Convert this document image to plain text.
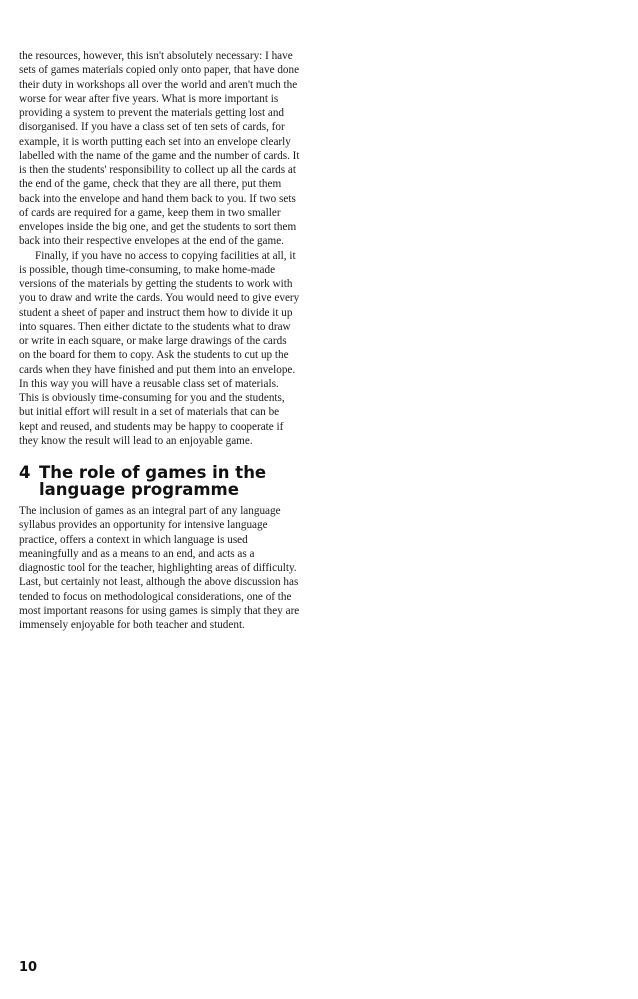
the resources, however, this isn't absolutely necessary: I have sets of games materials copied only onto paper, that have done their duty in workshops all over the world and aren't much the worse for wear after five years. What is more important is providing a system to prevent the materials getting lost and disorganised. If you have a class set of ten sets of cards, for example, it is worth putting each set into an envelope clearly labelled with the name of the game and the number of cards. It is then the students' responsibility to collect up all the cards at the end of the game, check that they are all there, put them back into the envelope and hand them back to you. If two sets of cards are required for a game, keep them in two smaller envelopes inside the big one, and get the students to sort them back into their respective envelopes at the end of the game.

Finally, if you have no access to copying facilities at all, it is possible, though time-consuming, to make home-made versions of the materials by getting the students to work with you to draw and write the cards. You would need to give every student a sheet of paper and instruct them how to divide it up into squares. Then either dictate to the students what to draw or write in each square, or make large drawings of the cards on the board for them to copy. Ask the students to cut up the cards when they have finished and put them into an envelope. In this way you will have a reusable class set of materials. This is obviously time-consuming for you and the students, but initial effort will result in a set of materials that can be kept and reused, and students may be happy to cooperate if they know the result will lead to an enjoyable game.

4 The role of games in the language programme

The inclusion of games as an integral part of any language syllabus provides an opportunity for intensive language practice, offers a context in which language is used meaningfully and as a means to an end, and acts as a diagnostic tool for the teacher, highlighting areas of difficulty. Last, but certainly not least, although the above discussion has tended to focus on methodological considerations, one of the most important reasons for using games is simply that they are immensely enjoyable for both teacher and student.

10
